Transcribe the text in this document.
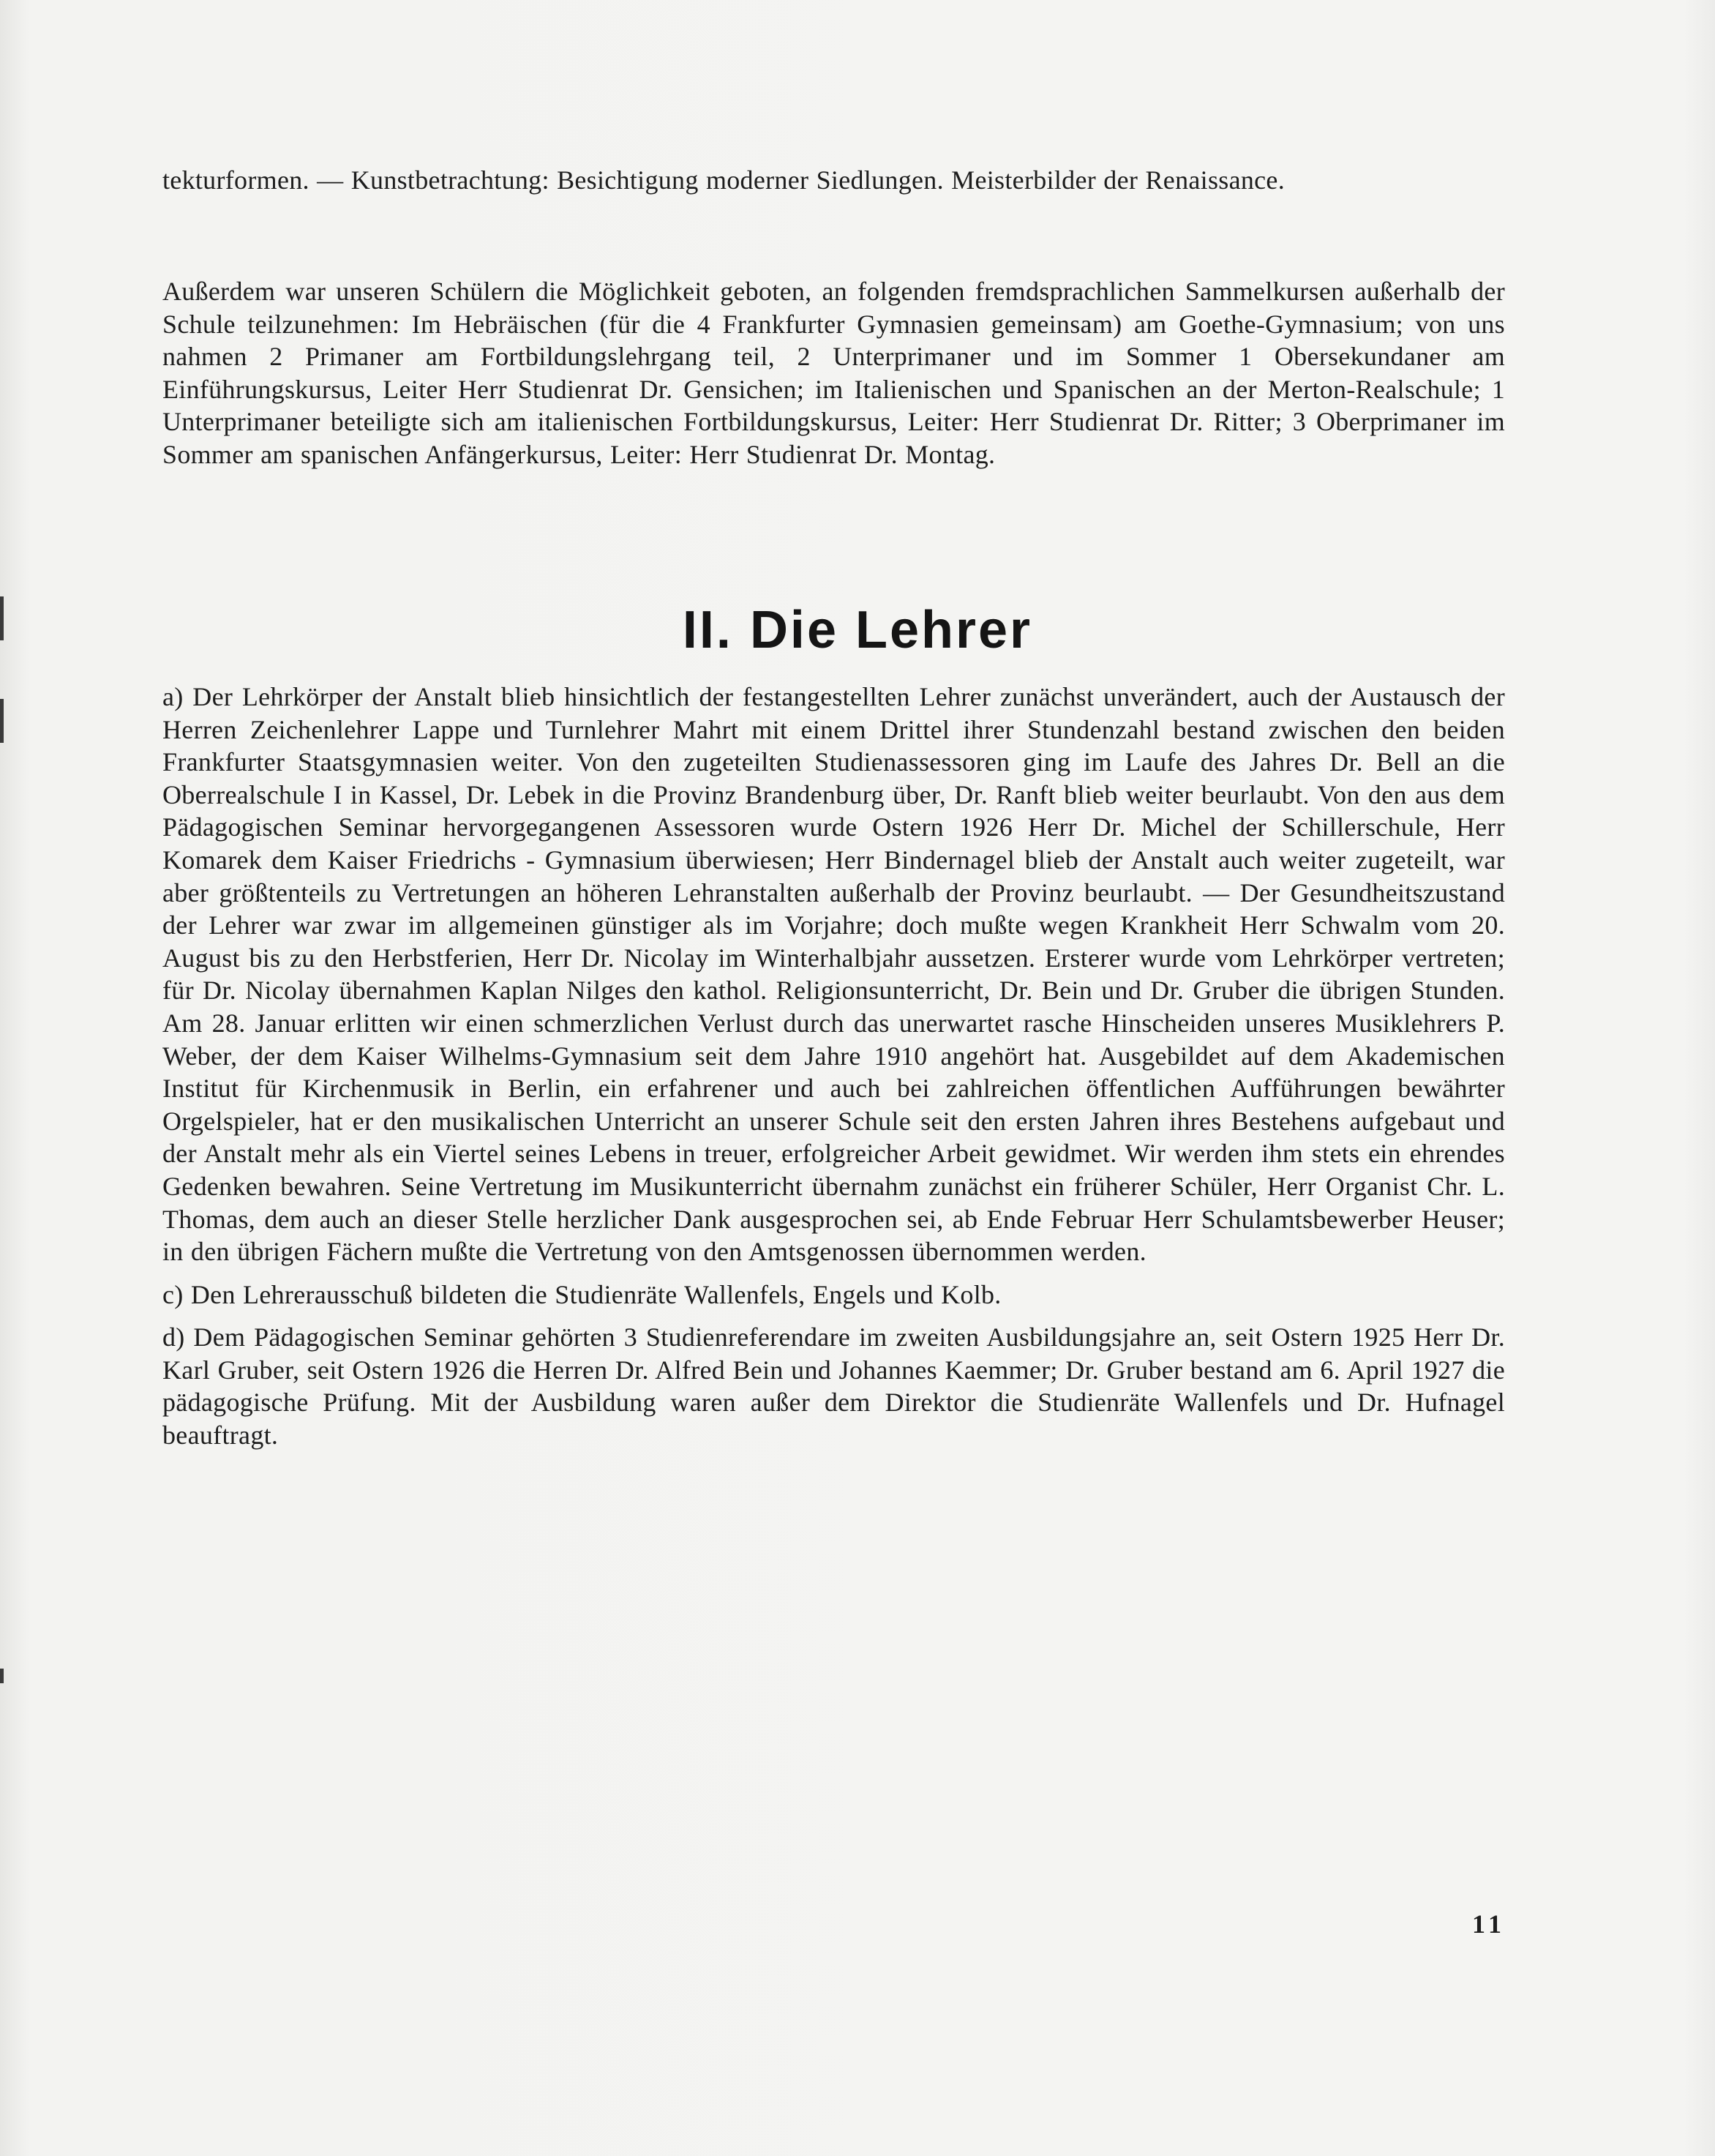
tekturformen. — Kunstbetrachtung: Besichtigung moderner Siedlungen. Meisterbilder der Renaissance.

Außerdem war unseren Schülern die Möglichkeit geboten, an folgenden fremdsprachlichen Sammelkursen außerhalb der Schule teilzunehmen: Im Hebräischen (für die 4 Frankfurter Gymnasien gemeinsam) am Goethe-Gymnasium; von uns nahmen 2 Primaner am Fortbildungslehrgang teil, 2 Unterprimaner und im Sommer 1 Obersekundaner am Einführungskursus, Leiter Herr Studienrat Dr. Gensichen; im Italienischen und Spanischen an der Merton-Realschule; 1 Unterprimaner beteiligte sich am italienischen Fortbildungskursus, Leiter: Herr Studienrat Dr. Ritter; 3 Oberprimaner im Sommer am spanischen Anfängerkursus, Leiter: Herr Studienrat Dr. Montag.

II. Die Lehrer

a) Der Lehrkörper der Anstalt blieb hinsichtlich der festangestellten Lehrer zunächst unverändert, auch der Austausch der Herren Zeichenlehrer Lappe und Turnlehrer Mahrt mit einem Drittel ihrer Stundenzahl bestand zwischen den beiden Frankfurter Staatsgymnasien weiter. Von den zugeteilten Studienassessoren ging im Laufe des Jahres Dr. Bell an die Oberrealschule I in Kassel, Dr. Lebek in die Provinz Brandenburg über, Dr. Ranft blieb weiter beurlaubt. Von den aus dem Pädagogischen Seminar hervorgegangenen Assessoren wurde Ostern 1926 Herr Dr. Michel der Schillerschule, Herr Komarek dem Kaiser Friedrichs - Gymnasium überwiesen; Herr Bindernagel blieb der Anstalt auch weiter zugeteilt, war aber größtenteils zu Vertretungen an höheren Lehranstalten außerhalb der Provinz beurlaubt. — Der Gesundheitszustand der Lehrer war zwar im allgemeinen günstiger als im Vorjahre; doch mußte wegen Krankheit Herr Schwalm vom 20. August bis zu den Herbstferien, Herr Dr. Nicolay im Winterhalbjahr aussetzen. Ersterer wurde vom Lehrkörper vertreten; für Dr. Nicolay übernahmen Kaplan Nilges den kathol. Religionsunterricht, Dr. Bein und Dr. Gruber die übrigen Stunden. Am 28. Januar erlitten wir einen schmerzlichen Verlust durch das unerwartet rasche Hinscheiden unseres Musiklehrers P. Weber, der dem Kaiser Wilhelms-Gymnasium seit dem Jahre 1910 angehört hat. Ausgebildet auf dem Akademischen Institut für Kirchenmusik in Berlin, ein erfahrener und auch bei zahlreichen öffentlichen Aufführungen bewährter Orgelspieler, hat er den musikalischen Unterricht an unserer Schule seit den ersten Jahren ihres Bestehens aufgebaut und der Anstalt mehr als ein Viertel seines Lebens in treuer, erfolgreicher Arbeit gewidmet. Wir werden ihm stets ein ehrendes Gedenken bewahren. Seine Vertretung im Musikunterricht übernahm zunächst ein früherer Schüler, Herr Organist Chr. L. Thomas, dem auch an dieser Stelle herzlicher Dank ausgesprochen sei, ab Ende Februar Herr Schulamtsbewerber Heuser; in den übrigen Fächern mußte die Vertretung von den Amtsgenossen übernommen werden.

c) Den Lehrerausschuß bildeten die Studienräte Wallenfels, Engels und Kolb.

d) Dem Pädagogischen Seminar gehörten 3 Studienreferendare im zweiten Ausbildungsjahre an, seit Ostern 1925 Herr Dr. Karl Gruber, seit Ostern 1926 die Herren Dr. Alfred Bein und Johannes Kaemmer; Dr. Gruber bestand am 6. April 1927 die pädagogische Prüfung. Mit der Ausbildung waren außer dem Direktor die Studienräte Wallenfels und Dr. Hufnagel beauftragt.

11
